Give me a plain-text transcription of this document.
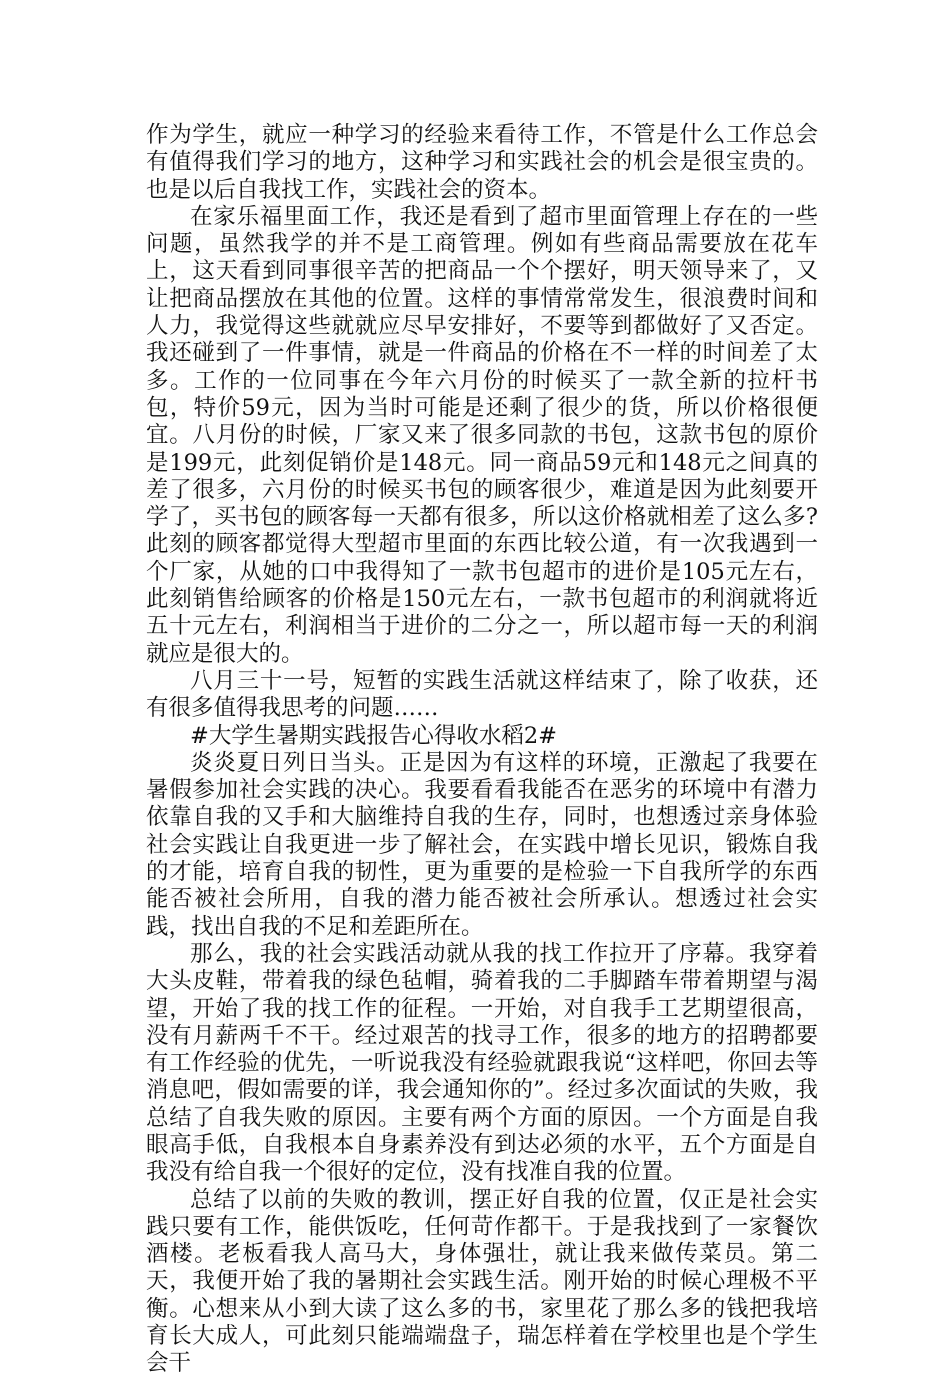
作为学生，就应一种学习的经验来看待工作，不管是什么工作总会有值得我们学习的地方，这种学习和实践社会的机会是很宝贵的。也是以后自我找工作，实践社会的资本。

在家乐福里面工作，我还是看到了超市里面管理上存在的一些问题，虽然我学的并不是工商管理。例如有些商品需要放在花车上，这天看到同事很辛苦的把商品一个个摆好，明天领导来了，又让把商品摆放在其他的位置。这样的事情常常发生，很浪费时间和人力，我觉得这些就就应尽早安排好，不要等到都做好了又否定。我还碰到了一件事情，就是一件商品的价格在不一样的时间差了太多。工作的一位同事在今年六月份的时候买了一款全新的拉杆书包，特价59元，因为当时可能是还剩了很少的货，所以价格很便宜。八月份的时候，厂家又来了很多同款的书包，这款书包的原价是199元，此刻促销价是148元。同一商品59元和148元之间真的差了很多，六月份的时候买书包的顾客很少，难道是因为此刻要开学了，买书包的顾客每一天都有很多，所以这价格就相差了这么多?此刻的顾客都觉得大型超市里面的东西比较公道，有一次我遇到一个厂家，从她的口中我得知了一款书包超市的进价是105元左右，此刻销售给顾客的价格是150元左右，一款书包超市的利润就将近五十元左右，利润相当于进价的二分之一，所以超市每一天的利润就应是很大的。

八月三十一号，短暂的实践生活就这样结束了，除了收获，还有很多值得我思考的问题……

#大学生暑期实践报告心得收水稻2#

炎炎夏日列日当头。正是因为有这样的环境，正激起了我要在暑假参加社会实践的决心。我要看看我能否在恶劣的环境中有潜力依靠自我的又手和大脑维持自我的生存，同时，也想透过亲身体验社会实践让自我更进一步了解社会，在实践中增长见识，锻炼自我的才能，培育自我的韧性，更为重要的是检验一下自我所学的东西能否被社会所用，自我的潜力能否被社会所承认。想透过社会实践，找出自我的不足和差距所在。

那么，我的社会实践活动就从我的找工作拉开了序幕。我穿着大头皮鞋，带着我的绿色毡帽，骑着我的二手脚踏车带着期望与渴望，开始了我的找工作的征程。一开始，对自我手工艺期望很高，没有月薪两千不干。经过艰苦的找寻工作，很多的地方的招聘都要有工作经验的优先，一听说我没有经验就跟我说“这样吧，你回去等消息吧，假如需要的详，我会通知你的”。经过多次面试的失败，我总结了自我失败的原因。主要有两个方面的原因。一个方面是自我眼高手低，自我根本自身素养没有到达必须的水平，五个方面是自我没有给自我一个很好的定位，没有找准自我的位置。

总结了以前的失败的教训，摆正好自我的位置，仅正是社会实践只要有工作，能供饭吃，任何苛作都干。于是我找到了一家餐饮酒楼。老板看我人高马大，身体强壮，就让我来做传菜员。第二天，我便开始了我的暑期社会实践生活。刚开始的时候心理极不平衡。心想来从小到大读了这么多的书，家里花了那么多的钱把我培育长大成人，可此刻只能端端盘子，瑞怎样着在学校里也是个学生会干
